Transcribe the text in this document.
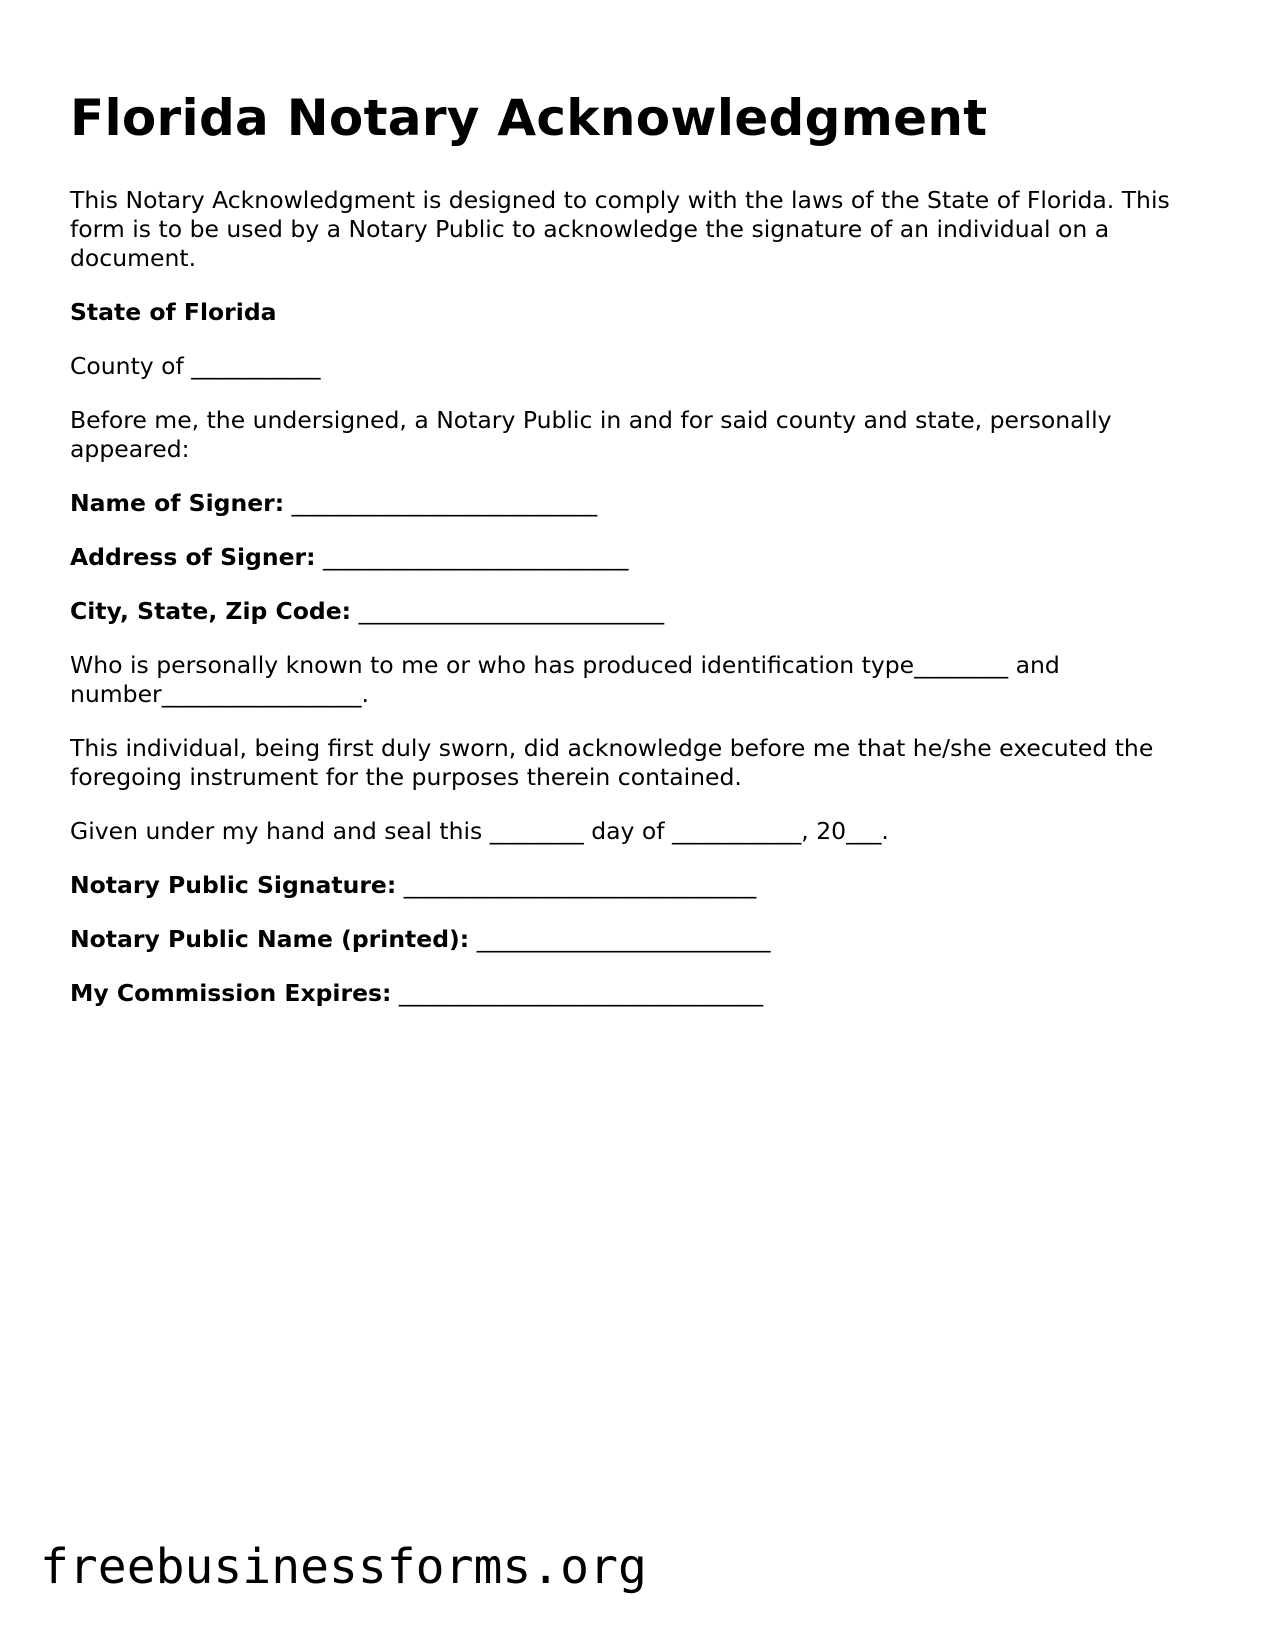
Florida Notary Acknowledgment

This Notary Acknowledgment is designed to comply with the laws of the State of Florida. This form is to be used by a Notary Public to acknowledge the signature of an individual on a document.

State of Florida

County of ___________

Before me, the undersigned, a Notary Public in and for said county and state, personally appeared:

Name of Signer: __________________________

Address of Signer: __________________________

City, State, Zip Code: __________________________

Who is personally known to me or who has produced identification type________ and number_________________.

This individual, being first duly sworn, did acknowledge before me that he/she executed the foregoing instrument for the purposes therein contained.

Given under my hand and seal this ________ day of ___________, 20___.

Notary Public Signature: ______________________________

Notary Public Name (printed): _________________________

My Commission Expires: _______________________________

freebusinessforms.org
